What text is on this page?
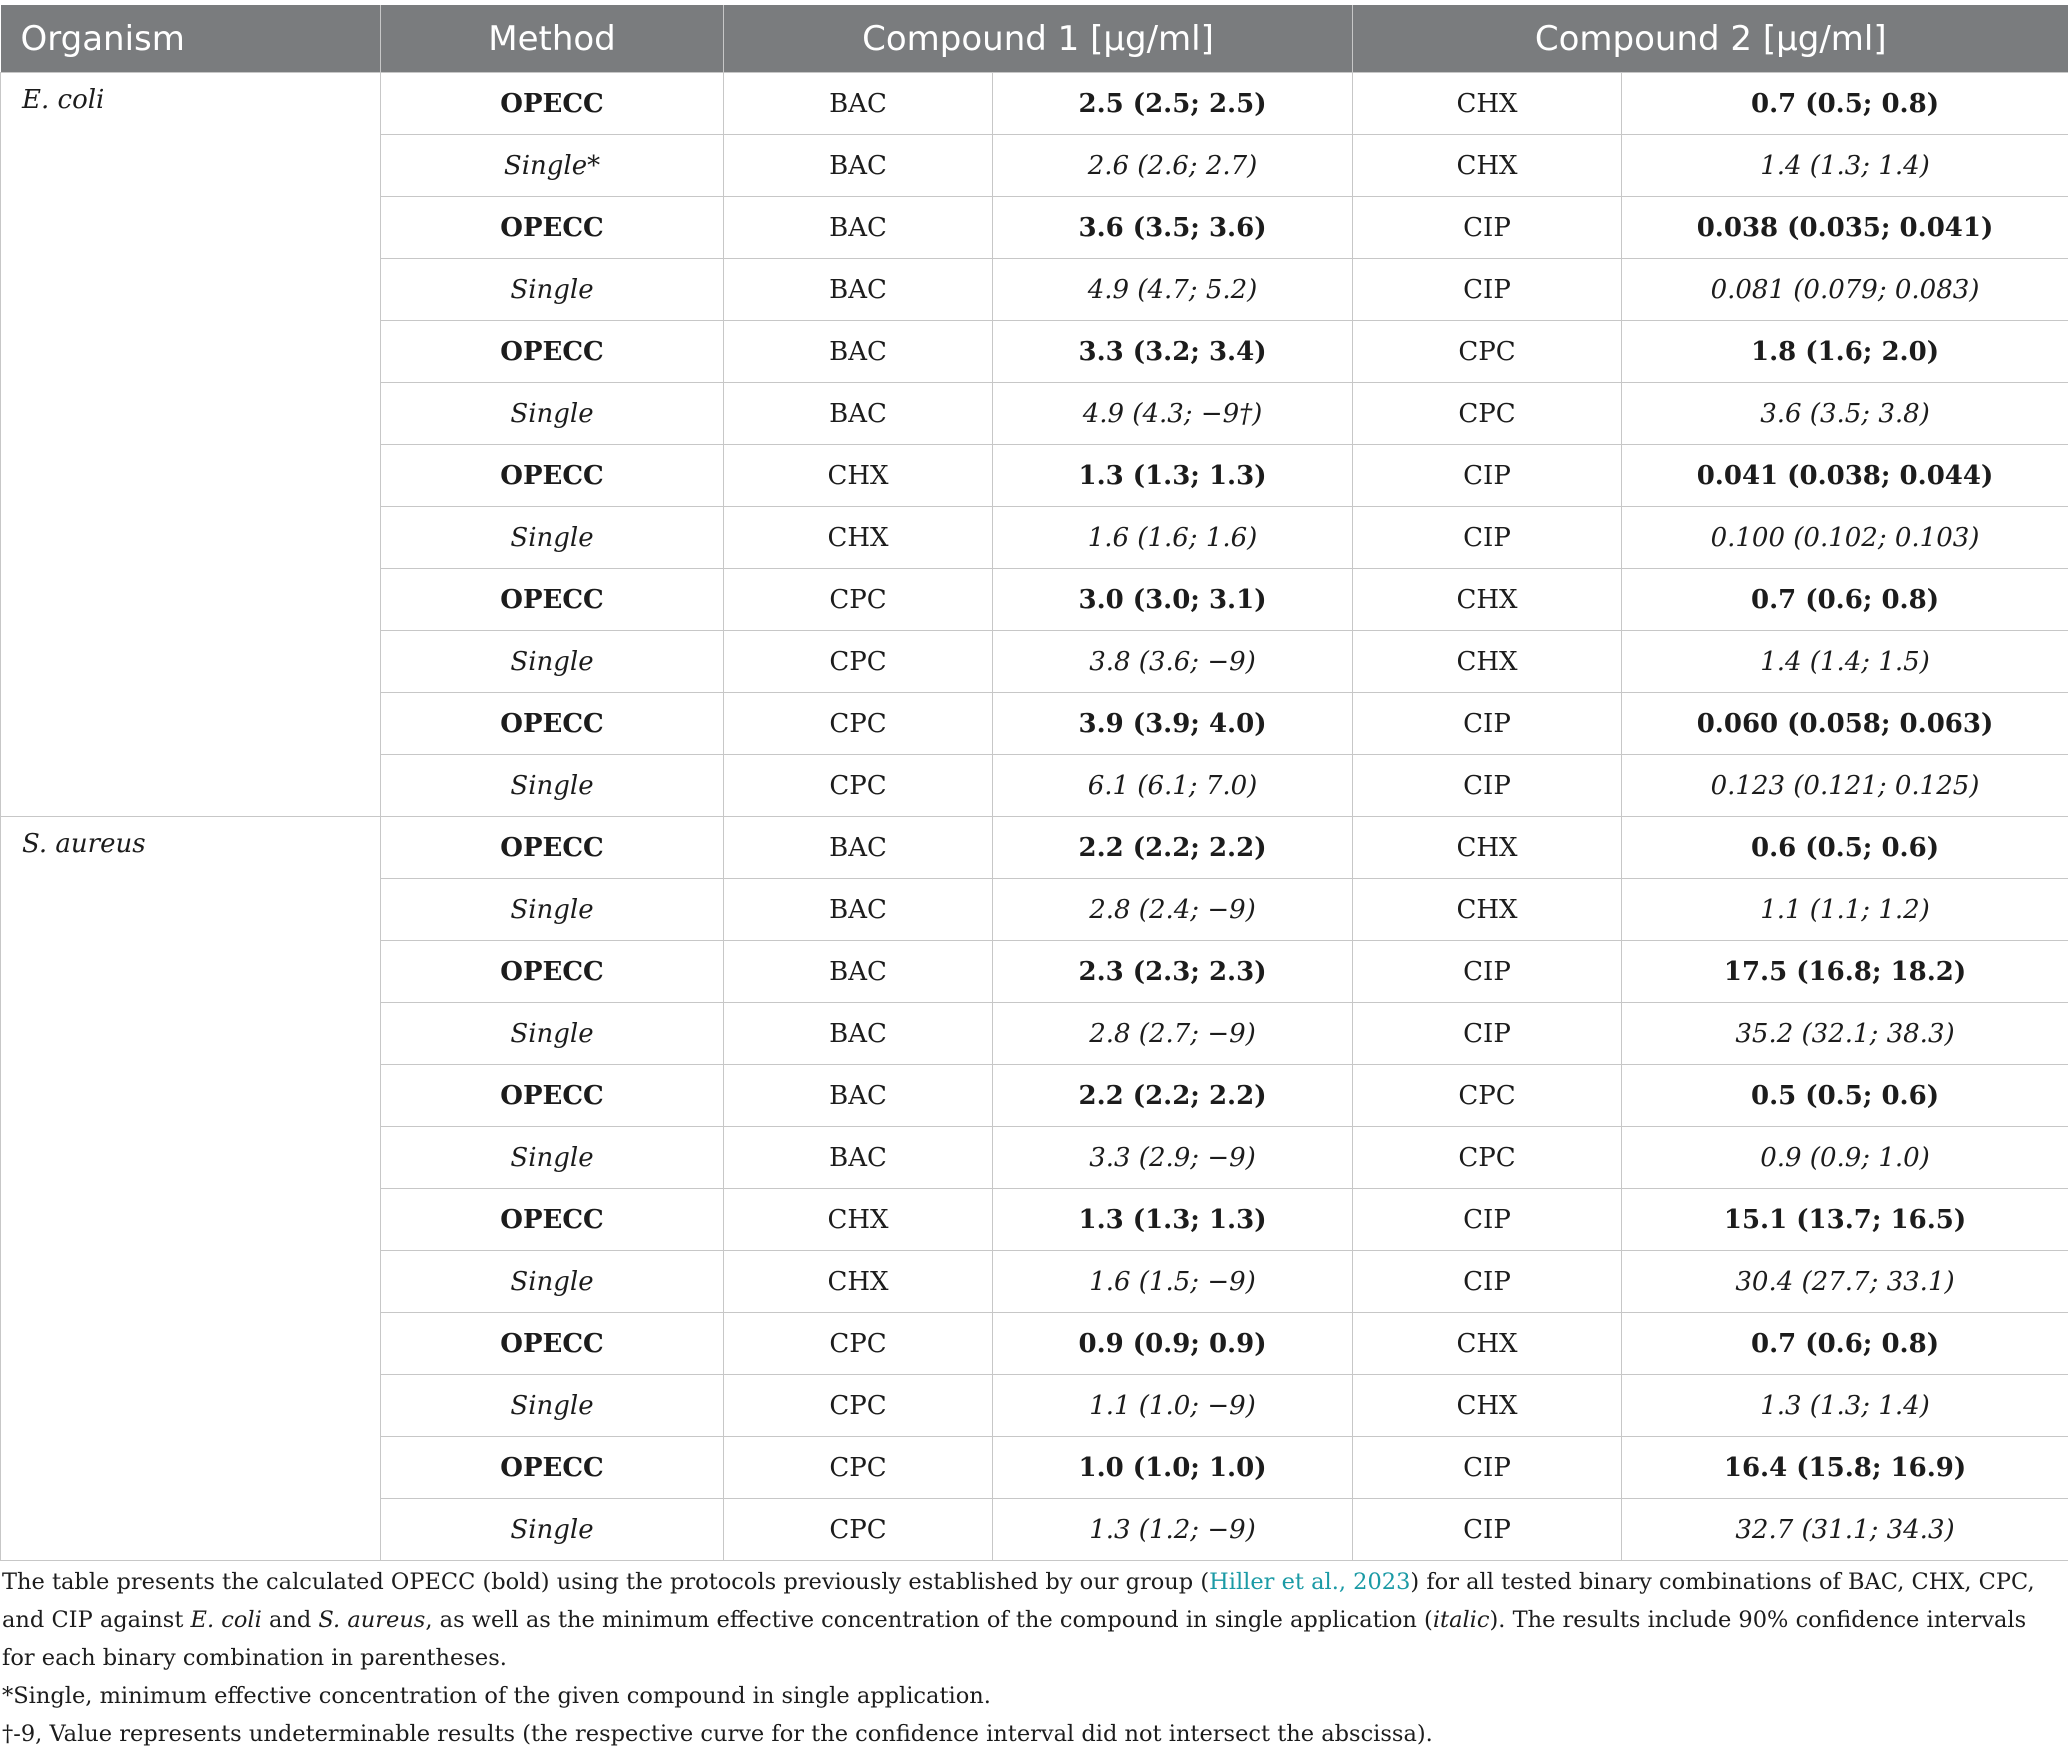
Organism	Method	Compound 1 [µg/ml]		Compound 2 [µg/ml]	
E. coli	OPECC	BAC	2.5 (2.5; 2.5)	CHX	0.7 (0.5; 0.8)
	Single*	BAC	2.6 (2.6; 2.7)	CHX	1.4 (1.3; 1.4)
	OPECC	BAC	3.6 (3.5; 3.6)	CIP	0.038 (0.035; 0.041)
	Single	BAC	4.9 (4.7; 5.2)	CIP	0.081 (0.079; 0.083)
	OPECC	BAC	3.3 (3.2; 3.4)	CPC	1.8 (1.6; 2.0)
	Single	BAC	4.9 (4.3; −9†)	CPC	3.6 (3.5; 3.8)
	OPECC	CHX	1.3 (1.3; 1.3)	CIP	0.041 (0.038; 0.044)
	Single	CHX	1.6 (1.6; 1.6)	CIP	0.100 (0.102; 0.103)
	OPECC	CPC	3.0 (3.0; 3.1)	CHX	0.7 (0.6; 0.8)
	Single	CPC	3.8 (3.6; −9)	CHX	1.4 (1.4; 1.5)
	OPECC	CPC	3.9 (3.9; 4.0)	CIP	0.060 (0.058; 0.063)
	Single	CPC	6.1 (6.1; 7.0)	CIP	0.123 (0.121; 0.125)
S. aureus	OPECC	BAC	2.2 (2.2; 2.2)	CHX	0.6 (0.5; 0.6)
	Single	BAC	2.8 (2.4; −9)	CHX	1.1 (1.1; 1.2)
	OPECC	BAC	2.3 (2.3; 2.3)	CIP	17.5 (16.8; 18.2)
	Single	BAC	2.8 (2.7; −9)	CIP	35.2 (32.1; 38.3)
	OPECC	BAC	2.2 (2.2; 2.2)	CPC	0.5 (0.5; 0.6)
	Single	BAC	3.3 (2.9; −9)	CPC	0.9 (0.9; 1.0)
	OPECC	CHX	1.3 (1.3; 1.3)	CIP	15.1 (13.7; 16.5)
	Single	CHX	1.6 (1.5; −9)	CIP	30.4 (27.7; 33.1)
	OPECC	CPC	0.9 (0.9; 0.9)	CHX	0.7 (0.6; 0.8)
	Single	CPC	1.1 (1.0; −9)	CHX	1.3 (1.3; 1.4)
	OPECC	CPC	1.0 (1.0; 1.0)	CIP	16.4 (15.8; 16.9)
	Single	CPC	1.3 (1.2; −9)	CIP	32.7 (31.1; 34.3)

The table presents the calculated OPECC (bold) using the protocols previously established by our group (Hiller et al., 2023) for all tested binary combinations of BAC, CHX, CPC, and CIP against E. coli and S. aureus, as well as the minimum effective concentration of the compound in single application (italic). The results include 90% confidence intervals for each binary combination in parentheses.

*Single, minimum effective concentration of the given compound in single application.

†-9, Value represents undeterminable results (the respective curve for the confidence interval did not intersect the abscissa).
